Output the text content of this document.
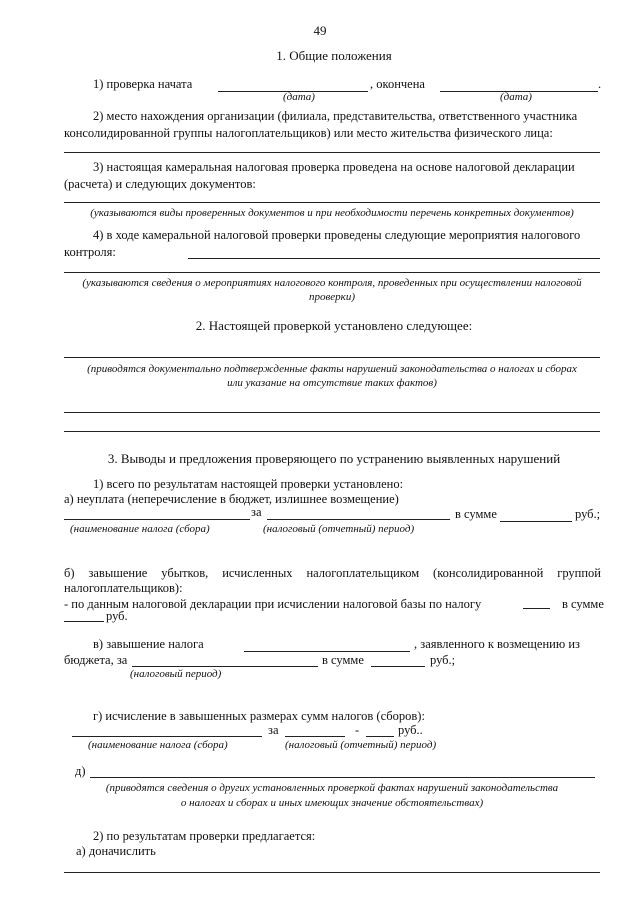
49
1. Общие положения
1) проверка начата	, окончена	.
(дата)	(дата)
2) место нахождения организации (филиала, представительства, ответственного участника
консолидированной группы налогоплательщиков) или место жительства физического лица:
3) настоящая камеральная налоговая проверка проведена на основе налоговой декларации
(расчета) и следующих документов:
(указываются виды проверенных документов и при необходимости перечень конкретных документов)
4) в ходе камеральной налоговой проверки проведены следующие мероприятия налогового
контроля:
(указываются сведения о мероприятиях налогового контроля, проведенных при осуществлении налоговой
проверки)
2. Настоящей проверкой установлено следующее:
(приводятся документально подтвержденные факты нарушений законодательства о налогах и сборах
или указание на отсутствие таких фактов)
3. Выводы и предложения проверяющего по устранению выявленных нарушений
1) всего по результатам настоящей проверки установлено:
а) неуплата (неперечисление в бюджет, излишнее возмещение)
за	в сумме	руб.;
(наименование налога (сбора)	(налоговый (отчетный) период)
б) завышение убытков, исчисленных налогоплательщиком (консолидированной группой
налогоплательщиков):
- по данным налоговой декларации при исчислении налоговой базы по налогу	в сумме
руб.
в) завышение налога	, заявленного к возмещению из
бюджета, за	в сумме	руб.;
(налоговый период)
г) исчисление в завышенных размерах сумм налогов (сборов):
за	-	руб..
(наименование налога (сбора)	(налоговый (отчетный) период)
д)
(приводятся сведения о других установленных проверкой фактах нарушений законодательства
о налогах и сборах и иных имеющих значение обстоятельствах)
2) по результатам проверки предлагается:
а) доначислить
